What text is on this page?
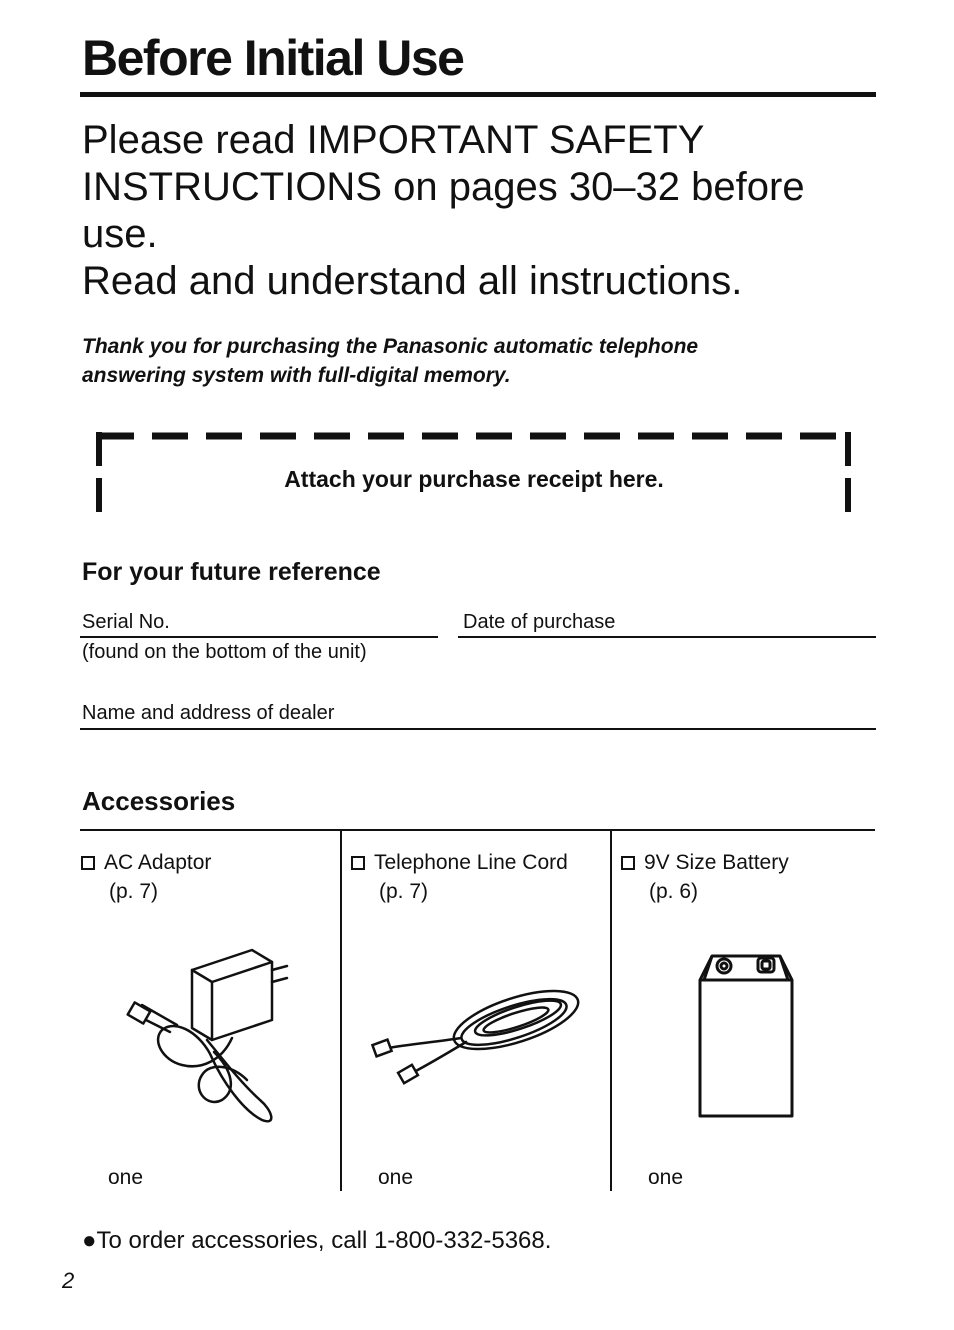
Before Initial Use

Please read IMPORTANT SAFETY
INSTRUCTIONS on pages 30–32 before
use.
Read and understand all instructions.

Thank you for purchasing the Panasonic automatic telephone
answering system with full-digital memory.

Attach your purchase receipt here.
For your future reference
Serial No.
(found on the bottom of the unit)
Date of purchase
Name and address of dealer
Accessories
AC Adaptor
(p. 7)
one
Telephone Line Cord
(p. 7)
one
9V Size Battery
(p. 6)
one
●To order accessories, call 1-800-332-5368.
2
